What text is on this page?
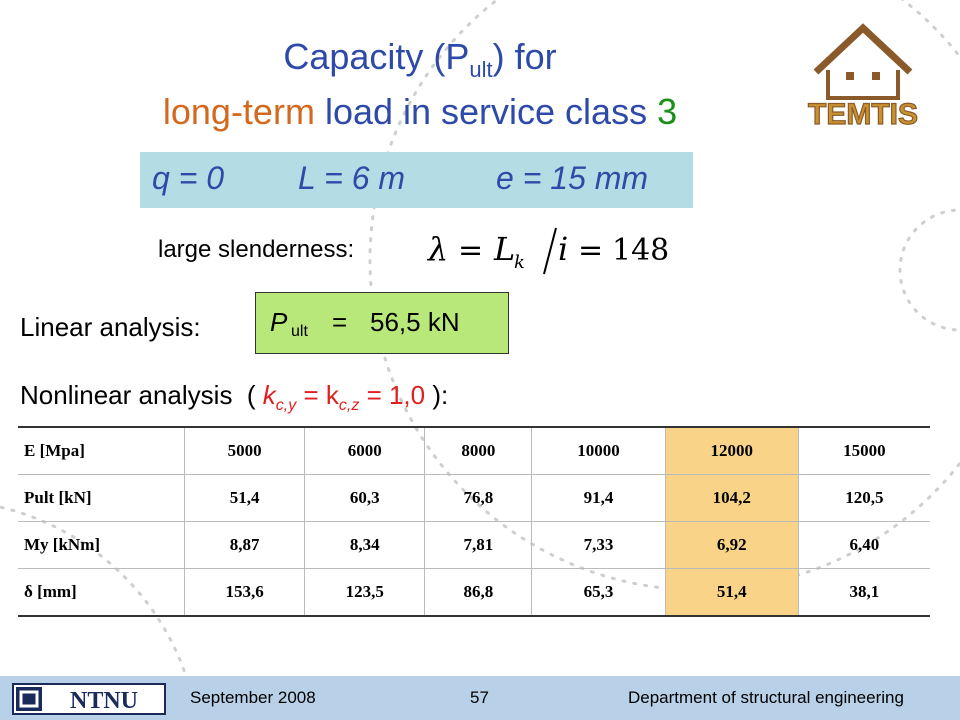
Capacity $(P_{ult})$ for
long-term load in service class 3	TEMTIS
q = 0 L = 6 m	e = 15 mm
large slenderness: λ = L
k i = 148
Linear analysis:	P ult = 56,5 kN
Nonlinear analysis  ( $k_{c,y} = k_{c,z} = 1,0$ ):
E [Mpa]	5000	6000	8000	10000	12000	15000
Pult [kN]	51,4	60,3	76,8	91,4	104,2	120,5
My [kNm]	8,87	8,34	7,81	7,33	6,92	6,40
δ [mm]	153,6	123,5	86,8	65,3	51,4	38,1
NTNU	September 2008	57	Department of structural engineering
